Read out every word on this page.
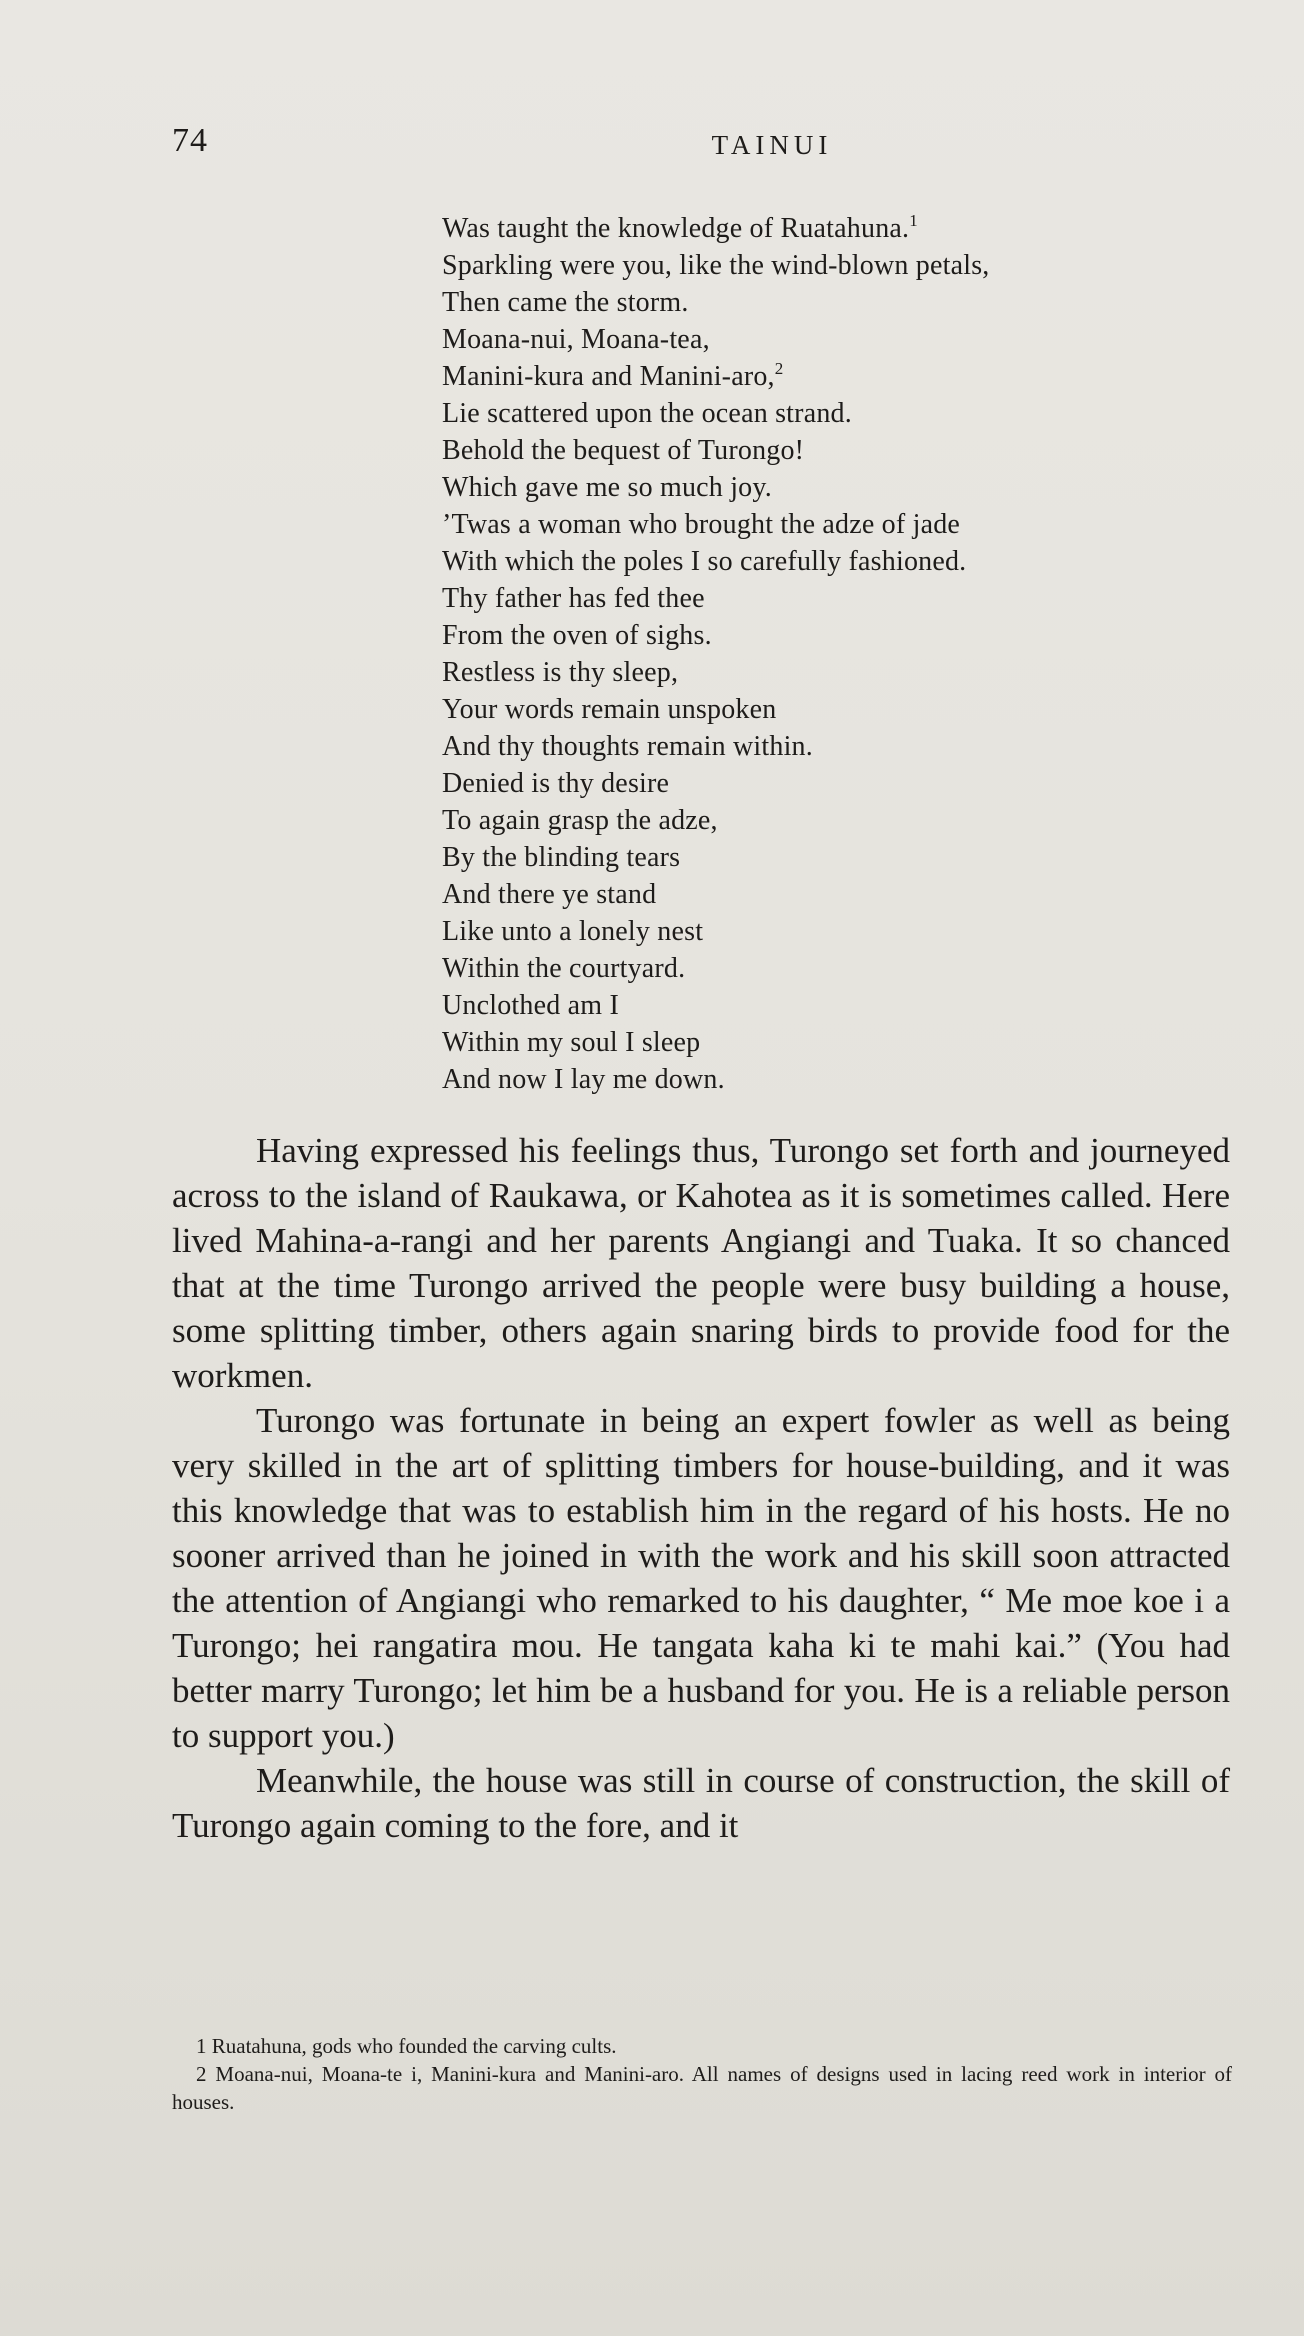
74	TAINUI
Was taught the knowledge of Ruatahuna.$^1$
Sparkling were you, like the wind-blown petals,
Then came the storm.
Moana-nui, Moana-tea,
Manini-kura and Manini-aro,$^2$
Lie scattered upon the ocean strand.
Behold the bequest of Turongo!
Which gave me so much joy.
’Twas a woman who brought the adze of jade
With which the poles I so carefully fashioned.
Thy father has fed thee
From the oven of sighs.
Restless is thy sleep,
Your words remain unspoken
And thy thoughts remain within.
Denied is thy desire
To again grasp the adze,
By the blinding tears
And there ye stand
Like unto a lonely nest
Within the courtyard.
Unclothed am I
Within my soul I sleep
And now I lay me down.

Having expressed his feelings thus, Turongo set forth and journeyed across to the island of Raukawa, or Kahotea as it is sometimes called. Here lived Mahina-a-rangi and her parents Angiangi and Tuaka. It so chanced that at the time Turongo arrived the people were busy building a house, some splitting timber, others again snaring birds to provide food for the workmen.

Turongo was fortunate in being an expert fowler as well as being very skilled in the art of splitting timbers for house-building, and it was this knowledge that was to establish him in the regard of his hosts. He no sooner arrived than he joined in with the work and his skill soon attracted the attention of Angiangi who remarked to his daughter, “ Me moe koe i a Turongo; hei rangatira mou. He tangata kaha ki te mahi kai.” (You had better marry Turongo; let him be a husband for you. He is a reliable person to support you.)

Meanwhile, the house was still in course of construction, the skill of Turongo again coming to the fore, and it

1 Ruatahuna, gods who founded the carving cults.
2 Moana-nui, Moana-te i, Manini-kura and Manini-aro. All names of designs used in lacing reed work in interior of houses.
